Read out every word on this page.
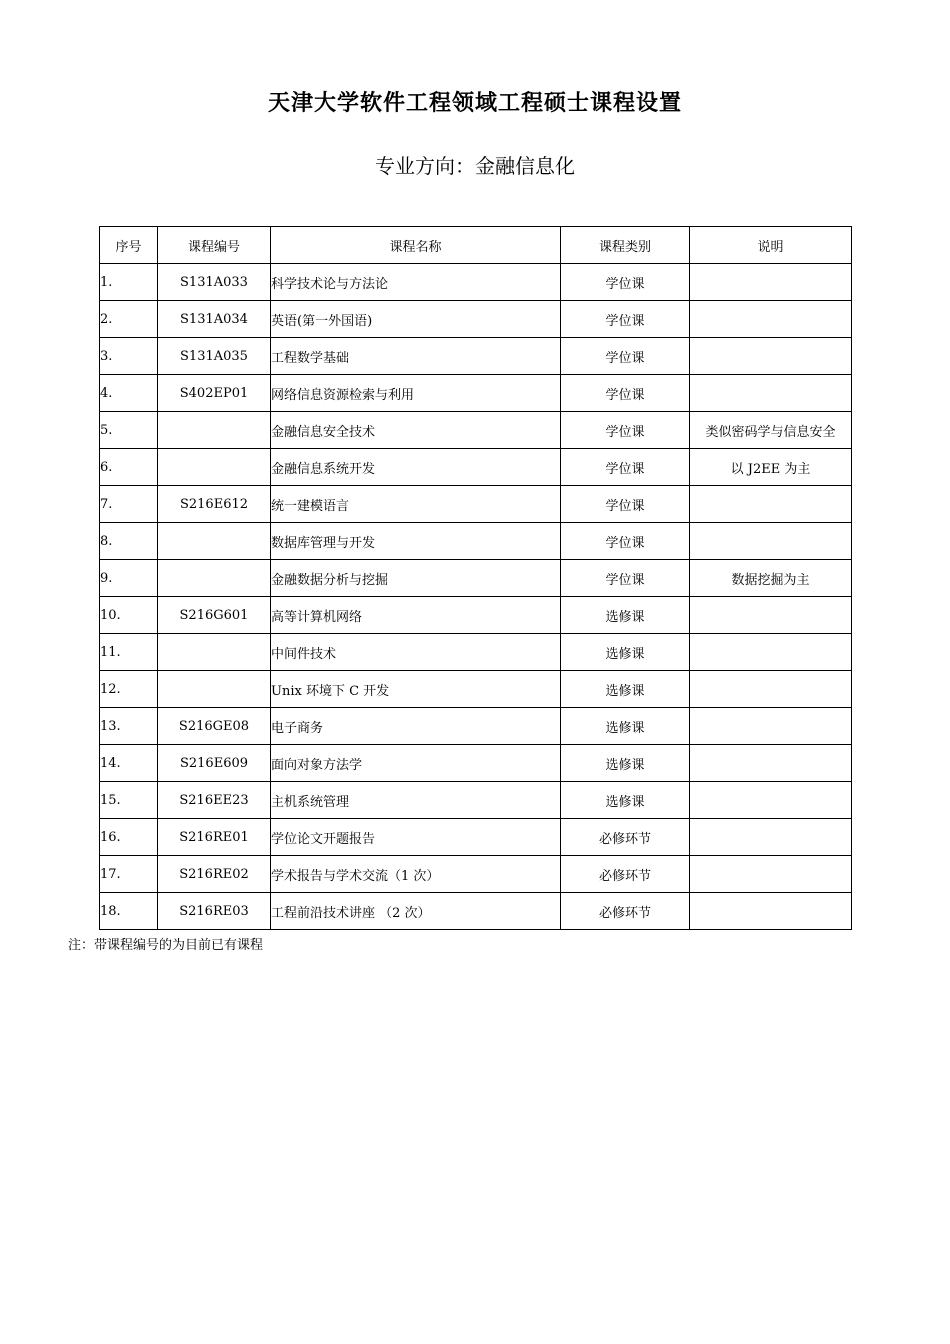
天津大学软件工程领域工程硕士课程设置
专业方向：金融信息化
序号	课程编号	课程名称	课程类别	说明
1.	S131A033	科学技术论与方法论	学位课	
2.	S131A034	英语(第一外国语)	学位课	
3.	S131A035	工程数学基础	学位课	
4.	S402EP01	网络信息资源检索与利用	学位课	
5.		金融信息安全技术	学位课	类似密码学与信息安全
6.		金融信息系统开发	学位课	以 J2EE 为主
7.	S216E612	统一建模语言	学位课	
8.		数据库管理与开发	学位课	
9.		金融数据分析与挖掘	学位课	数据挖掘为主
10.	S216G601	高等计算机网络	选修课	
11.		中间件技术	选修课	
12.		Unix 环境下 C 开发	选修课	
13.	S216GE08	电子商务	选修课	
14.	S216E609	面向对象方法学	选修课	
15.	S216EE23	主机系统管理	选修课	
16.	S216RE01	学位论文开题报告	必修环节	
17.	S216RE02	学术报告与学术交流（1 次）	必修环节	
18.	S216RE03	工程前沿技术讲座 （2 次）	必修环节	
注：带课程编号的为目前已有课程
